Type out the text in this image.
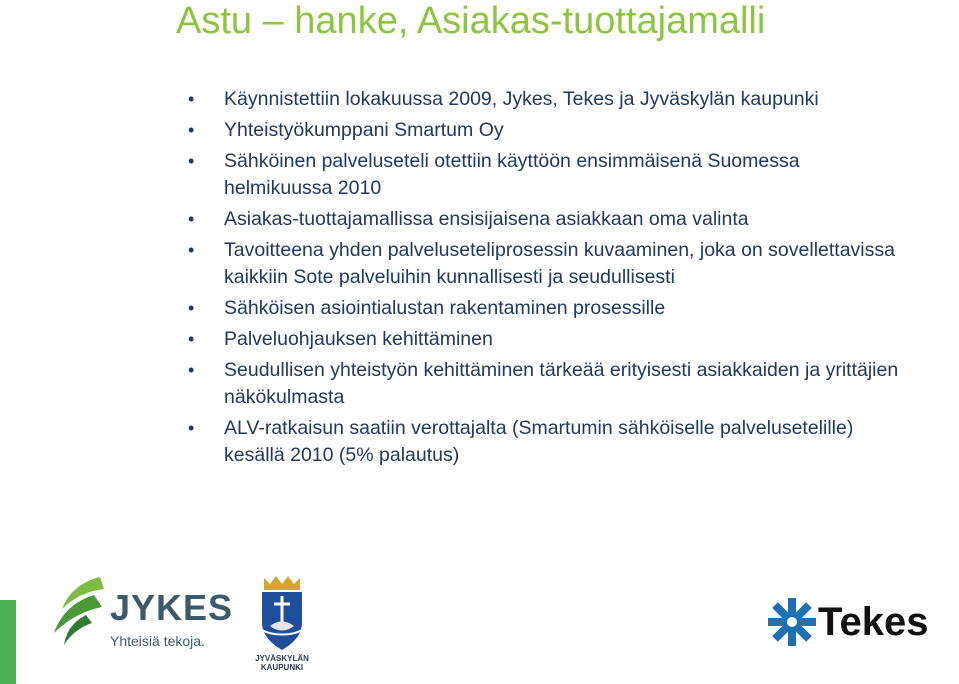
Astu – hanke, Asiakas-tuottajamalli
• Käynnistettiin lokakuussa 2009, Jykes, Tekes ja Jyväskylän kaupunki
• Yhteistyökumppani Smartum Oy
• Sähköinen palveluseteli otettiin käyttöön ensimmäisenä Suomessa helmikuussa 2010
• Asiakas-tuottajamallissa ensisijaisena asiakkaan oma valinta
• Tavoitteena yhden palveluseteliprosessin kuvaaminen, joka on sovellettavissa kaikkiin Sote palveluihin kunnallisesti ja seudullisesti
• Sähköisen asiointialustan rakentaminen prosessille
• Palveluohjauksen kehittäminen
• Seudullisen yhteistyön kehittäminen tärkeää erityisesti asiakkaiden ja yrittäjien näkökulmasta
• ALV-ratkaisun saatiin verottajalta (Smartumin sähköiselle palvelusetelille) kesällä 2010 (5% palautus)
JYKES
Yhteisiä tekoja.
JYVÄSKYLÄN
KAUPUNKI
Tekes
